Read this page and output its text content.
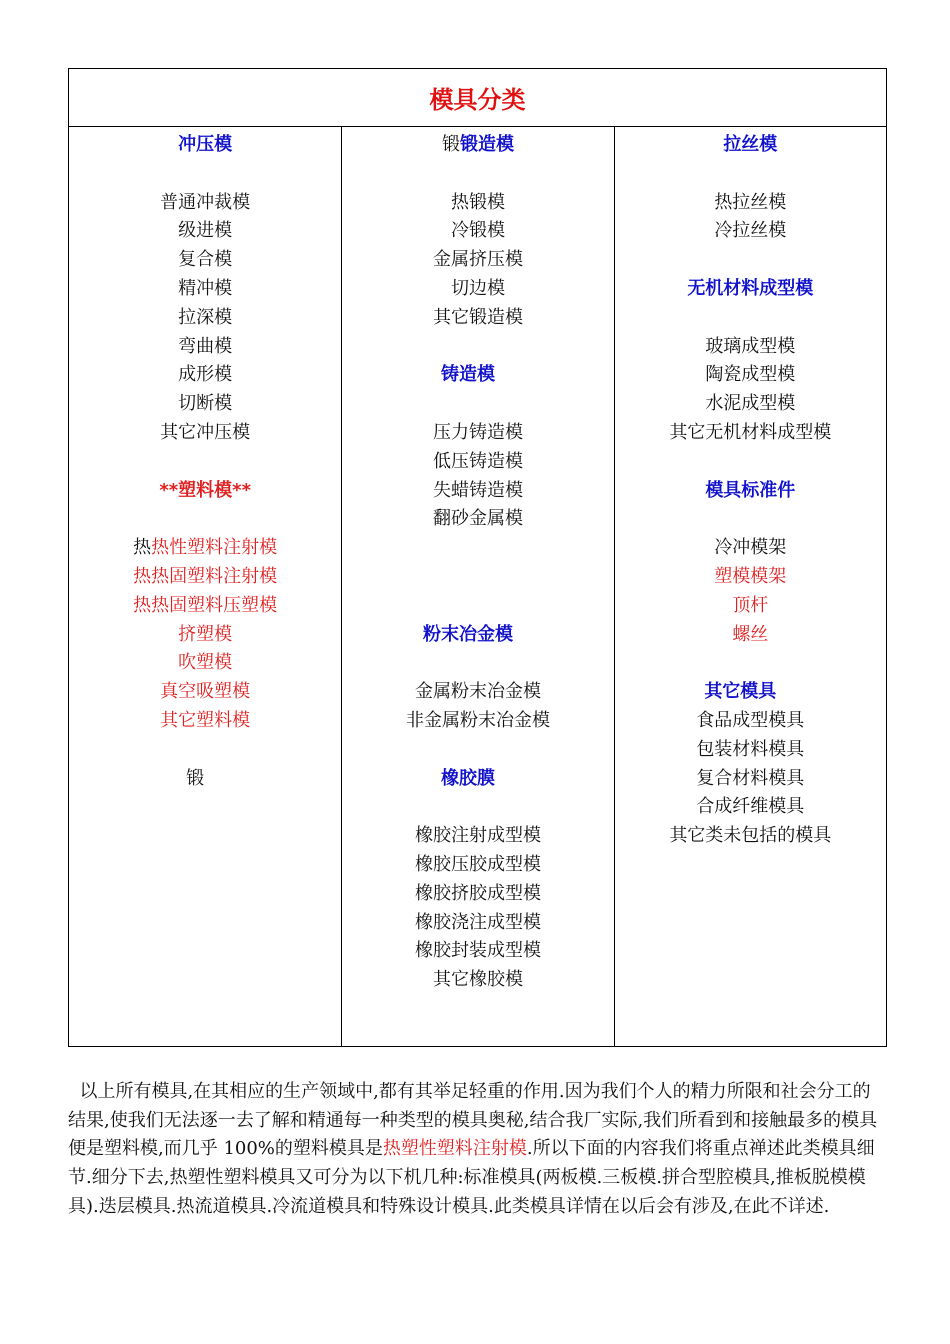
模具分类
冲压模
普通冲裁模
级进模
复合模
精冲模
拉深模
弯曲模
成形模
切断模
其它冲压模
**塑料模**
热热性塑料注射模
热热固塑料注射模
热热固塑料压塑模
挤塑模
吹塑模
真空吸塑模
其它塑料模
锻
锻锻造模
热锻模
冷锻模
金属挤压模
切边模
其它锻造模
铸造模
压力铸造模
低压铸造模
失蜡铸造模
翻砂金属模
粉末冶金模
金属粉末冶金模
非金属粉末冶金模
橡胶膜
橡胶注射成型模
橡胶压胶成型模
橡胶挤胶成型模
橡胶浇注成型模
橡胶封装成型模
其它橡胶模
拉丝模
热拉丝模
冷拉丝模
无机材料成型模
玻璃成型模
陶瓷成型模
水泥成型模
其它无机材料成型模
模具标准件
冷冲模架
塑模模架
顶杆
螺丝
其它模具
食品成型模具
包装材料模具
复合材料模具
合成纤维模具
其它类未包括的模具
以上所有模具,在其相应的生产领域中,都有其举足轻重的作用.因为我们个人的精力所限和社会分工的结果,使我们无法逐一去了解和精通每一种类型的模具奥秘,结合我厂实际,我们所看到和接触最多的模具便是塑料模,而几乎 100%的塑料模具是热塑性塑料注射模.所以下面的内容我们将重点禅述此类模具细节.细分下去,热塑性塑料模具又可分为以下机几种:标准模具(两板模.三板模.拼合型腔模具,推板脱模模具).迭层模具.热流道模具.冷流道模具和特殊设计模具.此类模具详情在以后会有涉及,在此不详述.
